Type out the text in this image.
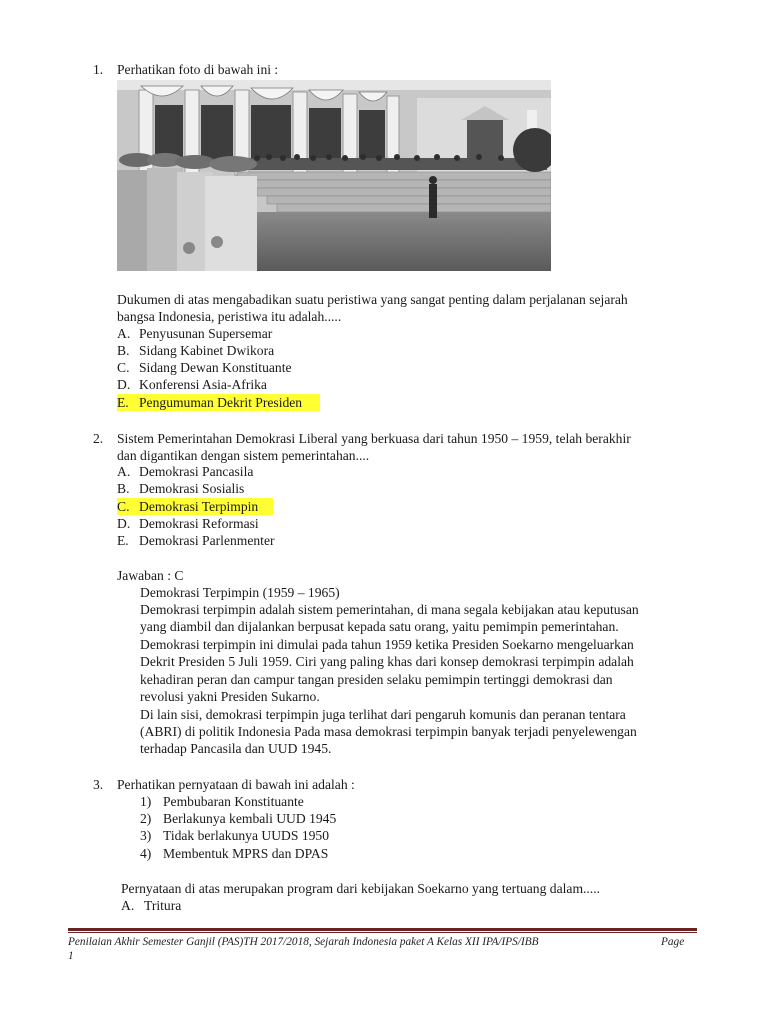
1. Perhatikan foto di bawah ini :
Dukumen di atas mengabadikan suatu peristiwa yang sangat penting dalam perjalanan sejarah
bangsa Indonesia, peristiwa itu adalah.....
A. Penyusunan Supersemar
B. Sidang Kabinet Dwikora
C. Sidang Dewan Konstituante
D. Konferensi Asia-Afrika
E. Pengumuman Dekrit Presiden
2. Sistem Pemerintahan Demokrasi Liberal yang berkuasa dari tahun 1950 – 1959, telah berakhir
dan digantikan dengan sistem pemerintahan....
A. Demokrasi Pancasila
B. Demokrasi Sosialis
C. Demokrasi Terpimpin
D. Demokrasi Reformasi
E. Demokrasi Parlenmenter
Jawaban : C
Demokrasi Terpimpin (1959 – 1965)
Demokrasi terpimpin adalah sistem pemerintahan, di mana segala kebijakan atau keputusan
yang diambil dan dijalankan berpusat kepada satu orang, yaitu pemimpin pemerintahan.
Demokrasi terpimpin ini dimulai pada tahun 1959 ketika Presiden Soekarno mengeluarkan
Dekrit Presiden 5 Juli 1959. Ciri yang paling khas dari konsep demokrasi terpimpin adalah
kehadiran peran dan campur tangan presiden selaku pemimpin tertinggi demokrasi dan
revolusi yakni Presiden Sukarno.
Di lain sisi, demokrasi terpimpin juga terlihat dari pengaruh komunis dan peranan tentara
(ABRI) di politik Indonesia Pada masa demokrasi terpimpin banyak terjadi penyelewengan
terhadap Pancasila dan UUD 1945.
3. Perhatikan pernyataan di bawah ini adalah :
1) Pembubaran Konstituante
2) Berlakunya kembali UUD 1945
3) Tidak berlakunya UUDS 1950
4) Membentuk MPRS dan DPAS
Pernyataan di atas merupakan program dari kebijakan Soekarno yang tertuang dalam.....
A. Tritura
Penilaian Akhir Semester Ganjil (PAS)TH 2017/2018, Sejarah Indonesia paket A Kelas XII IPA/IPS/IBB	Page
1
